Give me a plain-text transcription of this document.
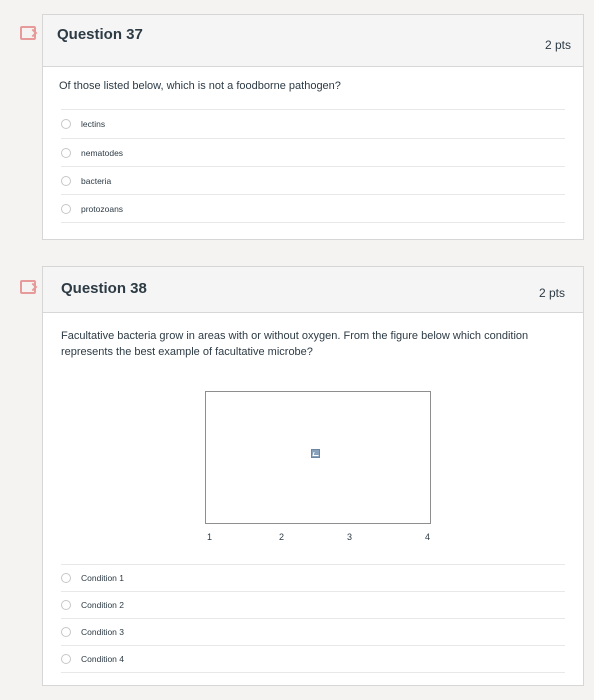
Question 37
2 pts
Of those listed below, which is not a foodborne pathogen?
lectins
nematodes
bacteria
protozoans
Question 38	2 pts
Facultative bacteria grow in areas with or without oxygen. From the figure below which condition represents the best example of facultative microbe?
1	2	3	4
Condition 1
Condition 2
Condition 3
Condition 4
